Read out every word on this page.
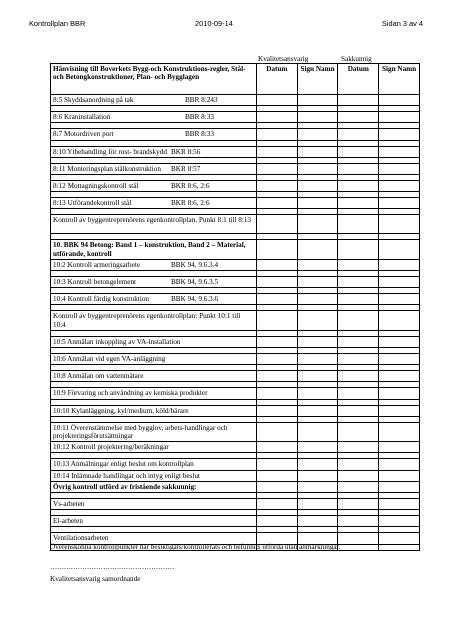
Kontrollplan BBR	2010-09-14	Sidan 3 av 4
Kvalitetsansvarig	Sakkunnig
Hänvisning till Boverkets Bygg-och Konstruktions-regler, Stål-och Betongkonstruktioner, Plan- och Bygglagen	Datum	Sign Namn	Datum	Sign Namn
8:5 Skyddsanordning på tak BBR 8:243				

8:6 Kraninstallation BBR 8:33				

8:7 Motordriven port BBR 8:33				

8:10 Ytbehandling för rost- brandskydd BKR 8:56				

8:11 Monteringsplan stålkonstruktion BKR 8:57				

8:12 Mottagningskontroll stål BKR 8:6, 2:6				

8:13 Utförandekontroll stål BKR 8:6, 2:6				

Kontroll av byggentreprenörens egenkontrollplan. Punkt 8:1 till 8:13				

10. BBK 94 Betong: Band 1 – konstruktion, Band 2 – Material, utförande, kontroll				
10:2 Kontroll armeringsarbete BBK 94, 9.6.3.4				

10:3 Kontroll betongelement BBK 94, 9.6.3.5				

10:4 Kontroll färdig konstruktion BBK 94, 9.6.3.6				

Kontroll av byggentreprenörens egenkontrollplan: Punkt 10:1 till 10:4				

10:5 Anmälan inkoppling av VA-installation				

10:6 Anmälan vid egen VA-anläggning				

10:8 Anmälan om vattenmätare				

10:9 Förvaring och användning av kemiska produkter				

10:10 Kylanläggning, kyl/medium, köld/bärare				

10:11 Överenstämmelse med bygglov, arbets-handlingar och projekteringsförutsättningar				
10:12 Kontroll projektering/beräkningar				

10:13 Anmälningar enligt beslut om kontrollplan				
10:14 Inlämnade handlingar och intyg enligt beslut				
Övrig kontroll utförd av fristående sakkunnig:				

Vs-arbeten				

El-arbeten				

Ventilationsarbeten				

Överenskonna kontrollpunkter har besiktigats/kontrollerats och befunnits utförda utan anmärkningar.
………………………………………………
Kvalitetsansvarig samordnande
